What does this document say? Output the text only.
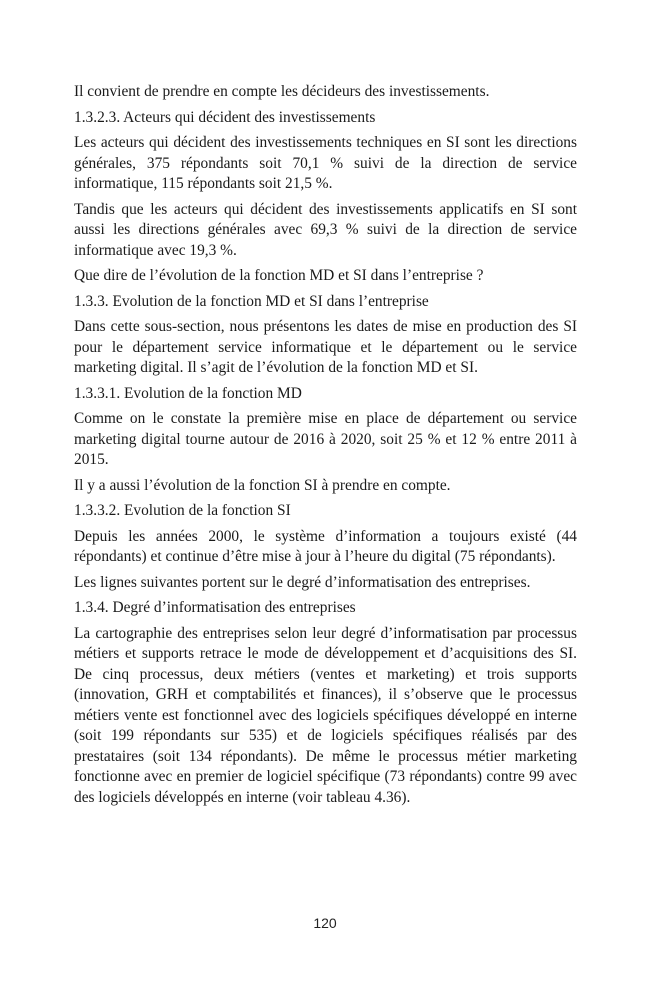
Il convient de prendre en compte les décideurs des investissements.

1.3.2.3. Acteurs qui décident des investissements

Les acteurs qui décident des investissements techniques en SI sont les directions générales, 375 répondants soit 70,1 % suivi de la direction de service informatique, 115 répondants soit 21,5 %.

Tandis que les acteurs qui décident des investissements applicatifs en SI sont aussi les directions générales avec 69,3 % suivi de la direction de service informatique avec 19,3 %.

Que dire de l’évolution de la fonction MD et SI dans l’entreprise ?

1.3.3. Evolution de la fonction MD et SI dans l’entreprise

Dans cette sous-section, nous présentons les dates de mise en production des SI pour le département service informatique et le département ou le service marketing digital. Il s’agit de l’évolution de la fonction MD et SI.

1.3.3.1. Evolution de la fonction MD

Comme on le constate la première mise en place de département ou service marketing digital tourne autour de 2016 à 2020, soit 25 % et 12 % entre 2011 à 2015.

Il y a aussi l’évolution de la fonction SI à prendre en compte.

1.3.3.2. Evolution de la fonction SI

Depuis les années 2000, le système d’information a toujours existé (44 répondants) et continue d’être mise à jour à l’heure du digital (75 répondants).

Les lignes suivantes portent sur le degré d’informatisation des entreprises.

1.3.4. Degré d’informatisation des entreprises

La cartographie des entreprises selon leur degré d’informatisation par processus métiers et supports retrace le mode de développement et d’acquisitions des SI. De cinq processus, deux métiers (ventes et marketing) et trois supports (innovation, GRH et comptabilités et finances), il s’observe que le processus métiers vente est fonctionnel avec des logiciels spécifiques développé en interne (soit 199 répondants sur 535) et de logiciels spécifiques réalisés par des prestataires (soit 134 répondants). De même le processus métier marketing fonctionne avec en premier de logiciel spécifique (73 répondants) contre 99 avec des logiciels développés en interne (voir tableau 4.36).

120
